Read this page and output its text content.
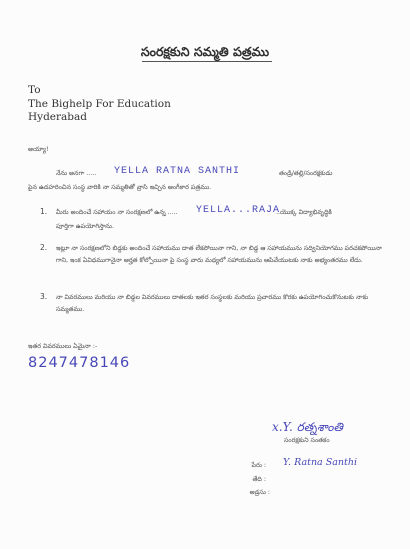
సంరక్షకుని సమ్మతి పత్రము
To
The Bighelp For Education
Hyderabad
అయ్యా!
నేను అనగా ..... YELLA RATNA SANTHI	తండ్రి/తల్లి/సంరక్షకుడు
పైన ఉదహరించిన సంస్థ వారికి నా సమ్మతితో వ్రాసి ఇచ్చిన అంగీకార పత్రము.
1. మీరు అందించే సహాయం నా సంరక్షణలో ఉన్న ..... YELLA...RAJA
..యొక్క విద్యాభివృద్ధికి
పూర్తిగా ఉపయోగిస్తాను.
2. ఇట్లూ నా సంరక్షణలోని బిడ్డకు అందించే సహాయము దాత లేకపోయినా గాని, నా బిడ్డ ఆ సహాయమును సద్వినియోగము పరచకపోయినా గాని, ఇంక ఏవిధముగానైనా అర్హత కోల్పోయినా పై సంస్థ వారు మధ్యలో సహాయమును ఆపివేయుటకు నాకు అభ్యంతరము లేదు.
3. నా వివరములు మరియు నా బిడ్డల వివరములు దాతలకు ఇతర సంస్థలకు మరియు ప్రచారము కొరకు ఉపయోగించుకొనుటకు నాకు సమ్మతము.
ఇతర వివరములు ఏమైనా :-
8247478146
x.Y. రత్నశాంతి
సంరక్షకుని సంతకం
పేరు : Y. Ratna Santhi
తేది :
అడ్రసు :
